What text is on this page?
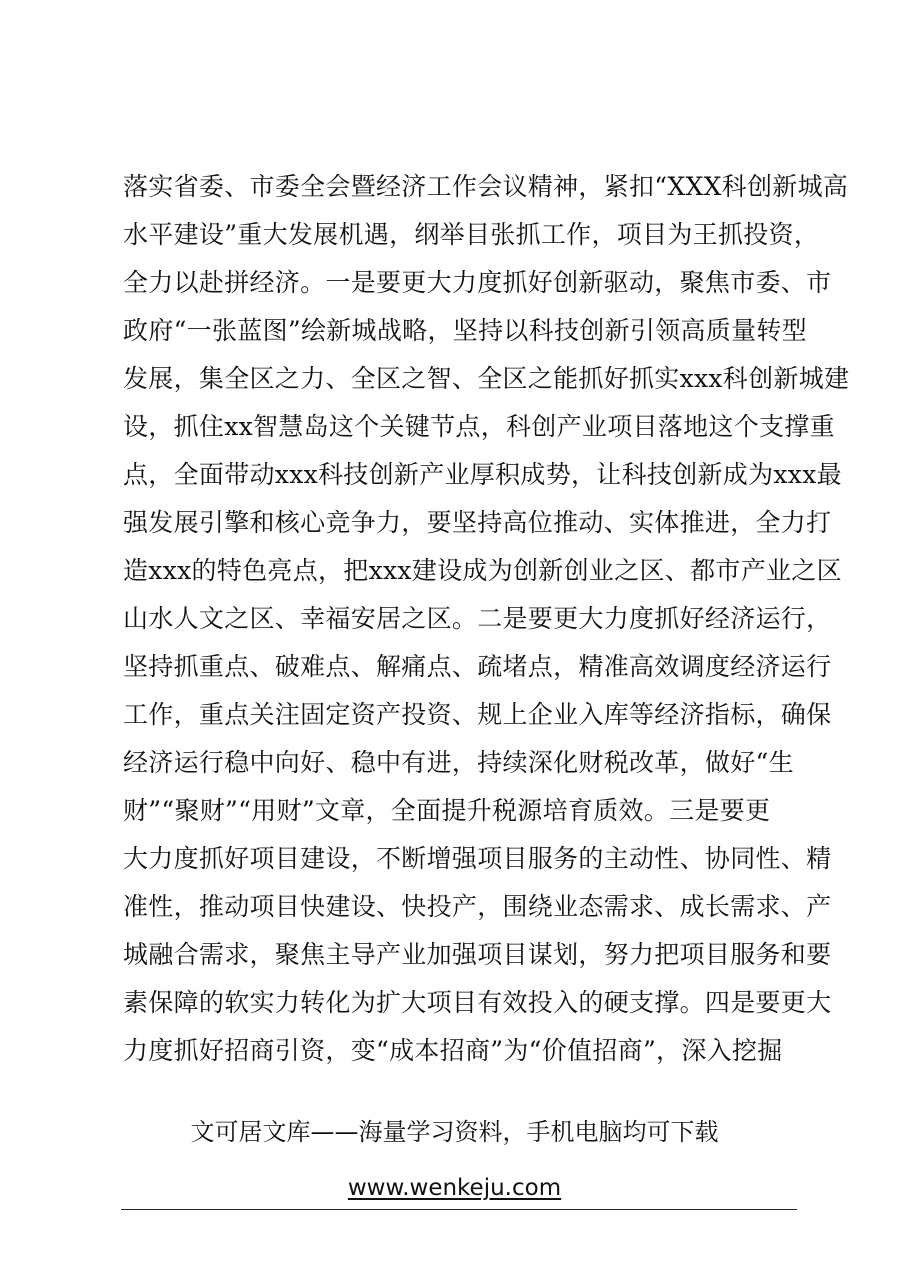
落实省委、市委全会暨经济工作会议精神，紧扣“XXX科创新城高
水平建设”重大发展机遇，纲举目张抓工作，项目为王抓投资，
全力以赴拼经济。一是要更大力度抓好创新驱动，聚焦市委、市
政府“一张蓝图”绘新城战略，坚持以科技创新引领高质量转型
发展，集全区之力、全区之智、全区之能抓好抓实xxx科创新城建
设，抓住xx智慧岛这个关键节点，科创产业项目落地这个支撑重
点，全面带动xxx科技创新产业厚积成势，让科技创新成为xxx最
强发展引擎和核心竞争力，要坚持高位推动、实体推进，全力打
造xxx的特色亮点，把xxx建设成为创新创业之区、都市产业之区
山水人文之区、幸福安居之区。二是要更大力度抓好经济运行，
坚持抓重点、破难点、解痛点、疏堵点，精准高效调度经济运行
工作，重点关注固定资产投资、规上企业入库等经济指标，确保
经济运行稳中向好、稳中有进，持续深化财税改革，做好“生
财”“聚财”“用财”文章，全面提升税源培育质效。三是要更
大力度抓好项目建设，不断增强项目服务的主动性、协同性、精
准性，推动项目快建设、快投产，围绕业态需求、成长需求、产
城融合需求，聚焦主导产业加强项目谋划，努力把项目服务和要
素保障的软实力转化为扩大项目有效投入的硬支撑。四是要更大
力度抓好招商引资，变“成本招商”为“价值招商”，深入挖掘
文可居文库——海量学习资料，手机电脑均可下载
www.wenkeju.com
